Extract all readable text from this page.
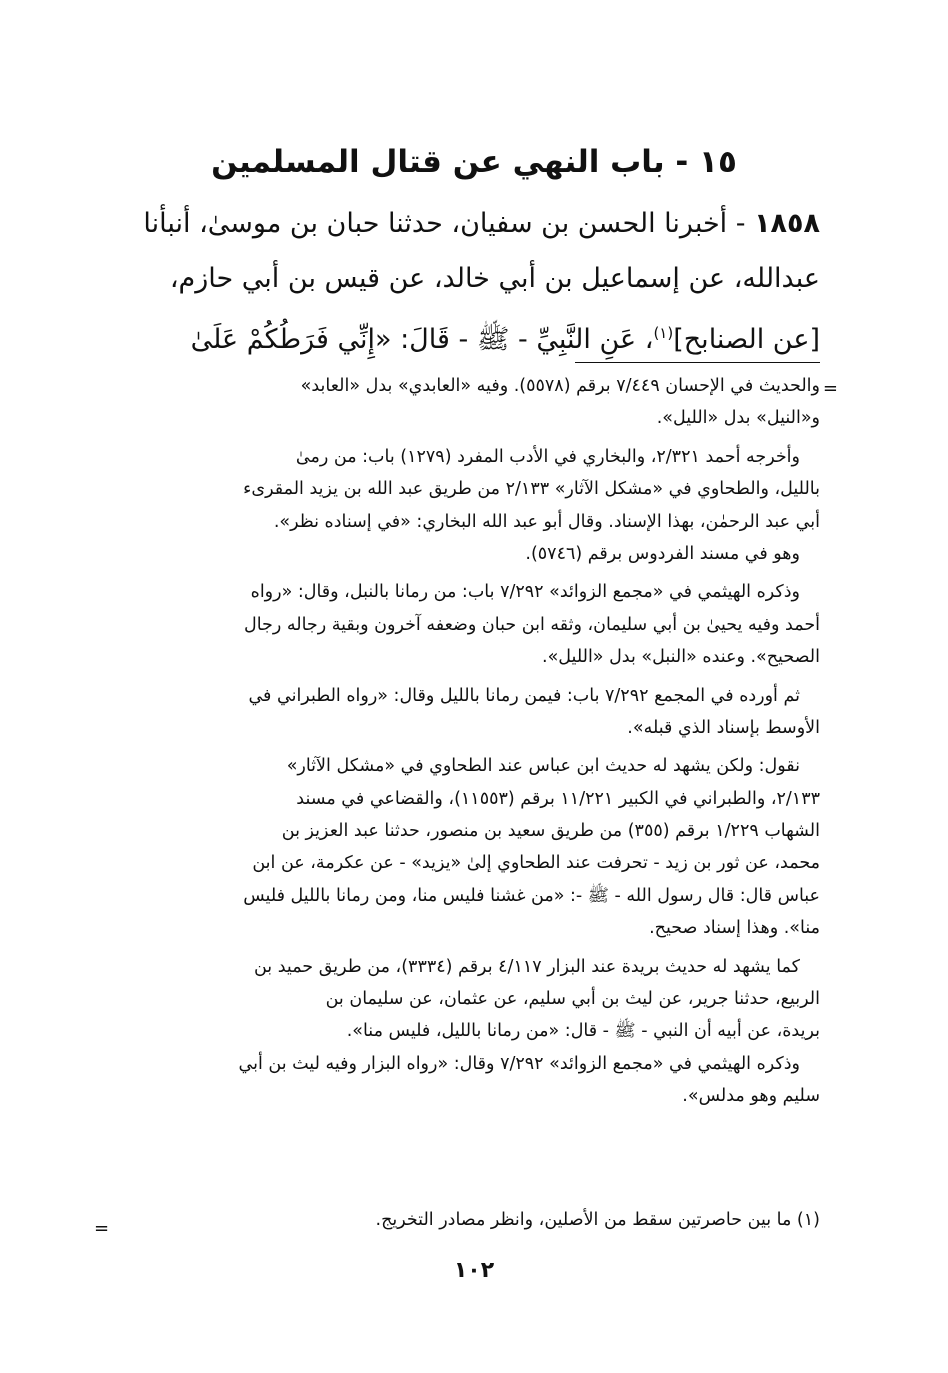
١٥ - باب النهي عن قتال المسلمين
١٨٥٨ - أخبرنا الحسن بن سفيان، حدثنا حبان بن موسىٰ، أنبأنا
عبدالله، عن إسماعيل بن أبي خالد، عن قيس بن أبي حازم،
[عن الصنابح]$^{(١)}$، عَنِ النَّبِيِّ - ﷺ - قَالَ: «إِنِّي فَرَطُكُمْ عَلَىٰ
=
والحديث في الإحسان ٧/٤٤٩ برقم (٥٥٧٨). وفيه «العابدي» بدل «العابد»
و«النيل» بدل «الليل».
وأخرجه أحمد ٢/٣٢١، والبخاري في الأدب المفرد (١٢٧٩) باب: من رمىٰ
بالليل، والطحاوي في «مشكل الآثار» ٢/١٣٣ من طريق عبد الله بن يزيد المقرىء
أبي عبد الرحمٰن، بهذا الإسناد. وقال أبو عبد الله البخاري: «في إسناده نظر».
وهو في مسند الفردوس برقم (٥٧٤٦).
وذكره الهيثمي في «مجمع الزوائد» ٧/٢٩٢ باب: من رمانا بالنبل، وقال: «رواه
أحمد وفيه يحيىٰ بن أبي سليمان، وثقه ابن حبان وضعفه آخرون وبقية رجاله رجال
الصحيح». وعنده «النبل» بدل «الليل».
ثم أورده في المجمع ٧/٢٩٢ باب: فيمن رمانا بالليل وقال: «رواه الطبراني في
الأوسط بإسناد الذي قبله».
نقول: ولكن يشهد له حديث ابن عباس عند الطحاوي في «مشكل الآثار»
٢/١٣٣، والطبراني في الكبير ١١/٢٢١ برقم (١١٥٥٣)، والقضاعي في مسند
الشهاب ١/٢٢٩ برقم (٣٥٥) من طريق سعيد بن منصور، حدثنا عبد العزيز بن
محمد، عن ثور بن زيد - تحرفت عند الطحاوي إلىٰ «يزيد» - عن عكرمة، عن ابن
عباس قال: قال رسول الله - ﷺ -: «من غشنا فليس منا، ومن رمانا بالليل فليس
منا». وهذا إسناد صحيح.
كما يشهد له حديث بريدة عند البزار ٤/١١٧ برقم (٣٣٣٤)، من طريق حميد بن
الربيع، حدثنا جرير، عن ليث بن أبي سليم، عن عثمان، عن سليمان بن
بريدة، عن أبيه أن النبي - ﷺ - قال: «من رمانا بالليل، فليس منا».
وذكره الهيثمي في «مجمع الزوائد» ٧/٢٩٢ وقال: «رواه البزار وفيه ليث بن أبي
سليم وهو مدلس».
(١) ما بين حاصرتين سقط من الأصلين، وانظر مصادر التخريج.
=
١٠٢
